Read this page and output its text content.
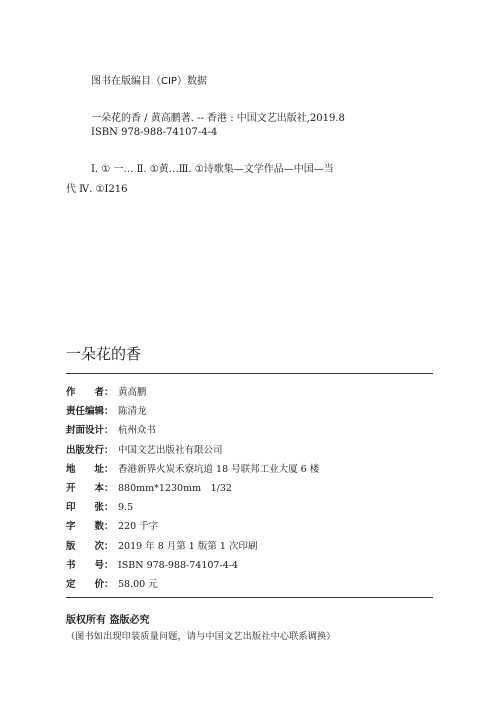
图书在版编目（CIP）数据
一朵花的香 / 黄高鹏著. -- 香港 : 中国文艺出版社,2019.8
ISBN 978-988-74107-4-4
Ⅰ. ① 一… Ⅱ. ①黄…Ⅲ. ①诗歌集—文学作品—中国—当
代 Ⅳ. ①I216
一朵花的香
作　　者： 黄高鹏
责任编辑： 陈清龙
封面设计： 杭州众书
出版发行： 中国文艺出版社有限公司
地　　址： 香港新界火炭禾寮坑道 18 号联邦工业大厦 6 楼
开　　本： 880mm*1230mm　1/32
印　　张： 9.5
字　　数： 220 千字
版　　次： 2019 年 8 月第 1 版第 1 次印刷
书　　号： ISBN 978-988-74107-4-4
定　　价： 58.00 元
版权所有 盗版必究
（图书如出现印装质量问题，请与中国文艺出版社中心联系调换）
